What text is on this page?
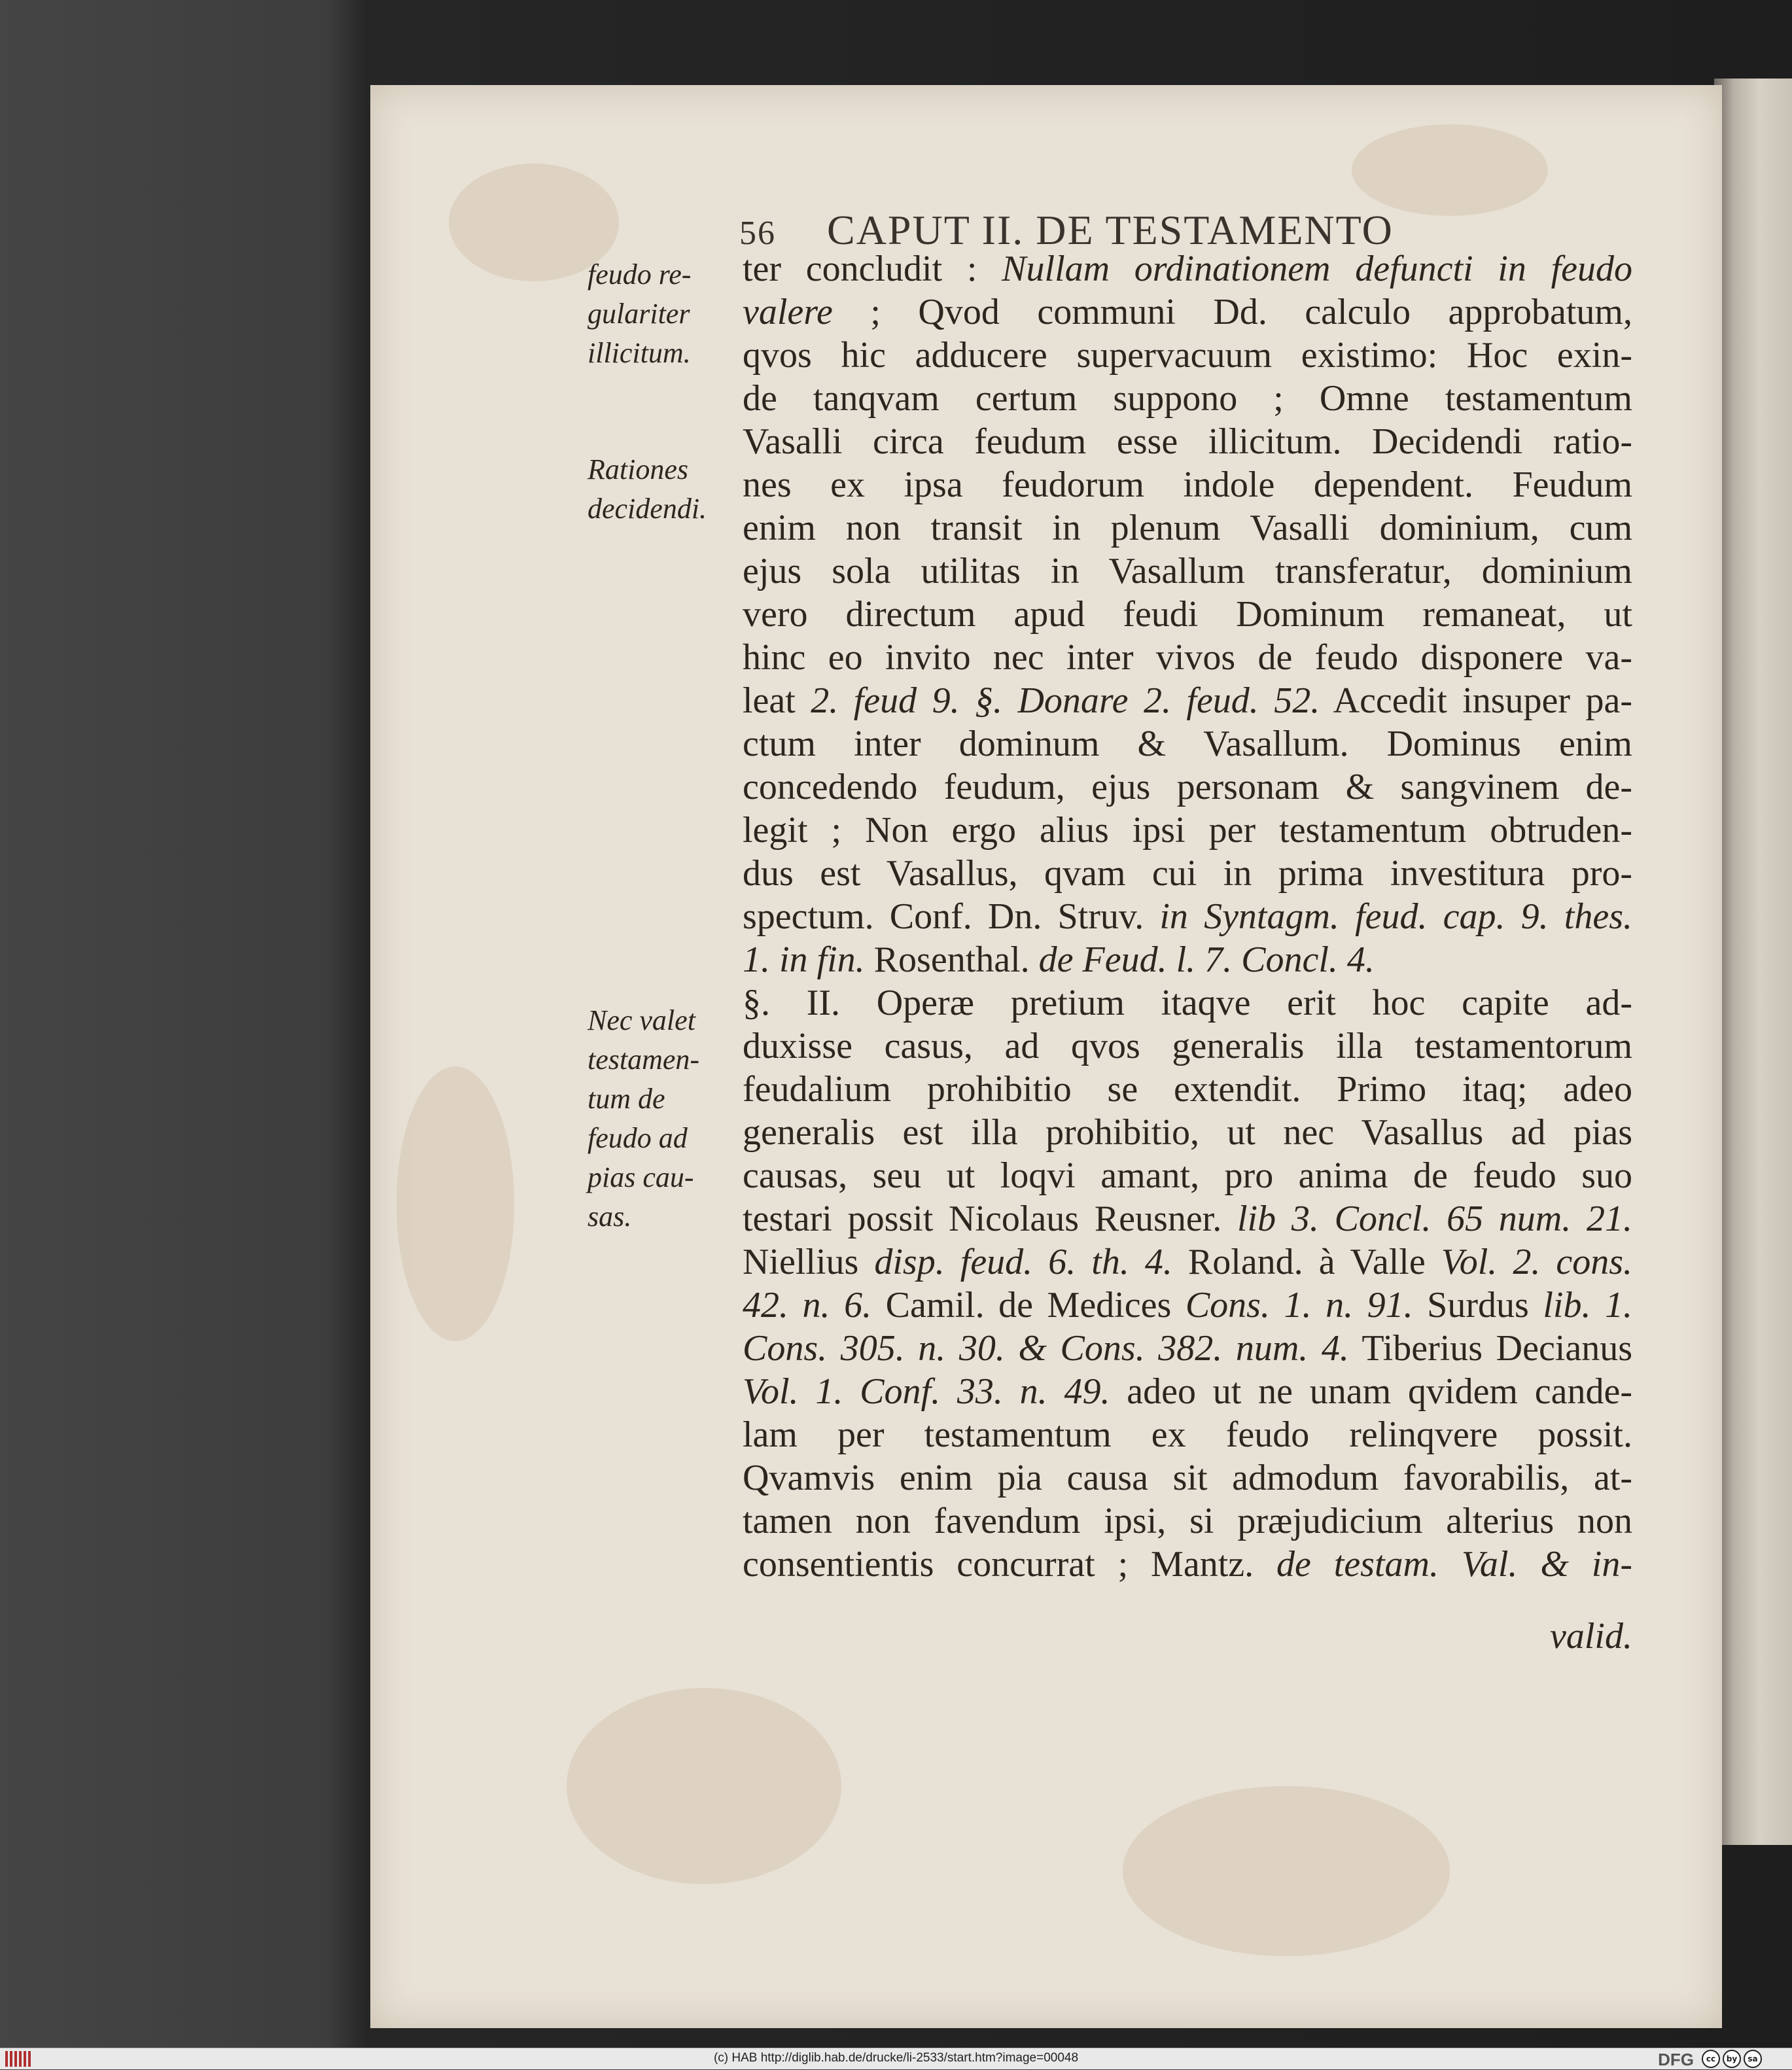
56 CAPUT II. DE TESTAMENTO
feudo re-
gulariter
illicitum.
Rationes
decidendi.
Nec valet
testamen-
tum de
feudo ad
pias cau-
sas.
ter concludit : Nullam ordinationem defuncti in feudo
valere ; Qvod communi Dd. calculo approbatum,
qvos hic adducere supervacuum existimo: Hoc exin-
de tanqvam certum suppono ; Omne testamentum
Vasalli circa feudum esse illicitum. Decidendi ratio-
nes ex ipsa feudorum indole dependent. Feudum
enim non transit in plenum Vasalli dominium, cum
ejus sola utilitas in Vasallum transferatur, dominium
vero directum apud feudi Dominum remaneat, ut
hinc eo invito nec inter vivos de feudo disponere va-
leat 2. feud 9. §. Donare 2. feud. 52. Accedit insuper pa-
ctum inter dominum & Vasallum. Dominus enim
concedendo feudum, ejus personam & sangvinem de-
legit ; Non ergo alius ipsi per testamentum obtruden-
dus est Vasallus, qvam cui in prima investitura pro-
spectum. Conf. Dn. Struv. in Syntagm. feud. cap. 9. thes.
1. in fin. Rosenthal. de Feud. l. 7. Concl. 4.
§. II. Operæ pretium itaqve erit hoc capite ad-
duxisse casus, ad qvos generalis illa testamentorum
feudalium prohibitio se extendit. Primo itaq; adeo
generalis est illa prohibitio, ut nec Vasallus ad pias
causas, seu ut loqvi amant, pro anima de feudo suo
testari possit Nicolaus Reusner. lib 3. Concl. 65 num. 21.
Niellius disp. feud. 6. th. 4. Roland. à Valle Vol. 2. cons.
42. n. 6. Camil. de Medices Cons. 1. n. 91. Surdus lib. 1.
Cons. 305. n. 30. & Cons. 382. num. 4. Tiberius Decianus
Vol. 1. Conf. 33. n. 49. adeo ut ne unam qvidem cande-
lam per testamentum ex feudo relinqvere possit.
Qvamvis enim pia causa sit admodum favorabilis, at-
tamen non favendum ipsi, si præjudicium alterius non
consentientis concurrat ; Mantz. de testam. Val. & in-
valid.
(c) HAB http://diglib.hab.de/drucke/li-2533/start.htm?image=00048	DFG	cc	by	sa
